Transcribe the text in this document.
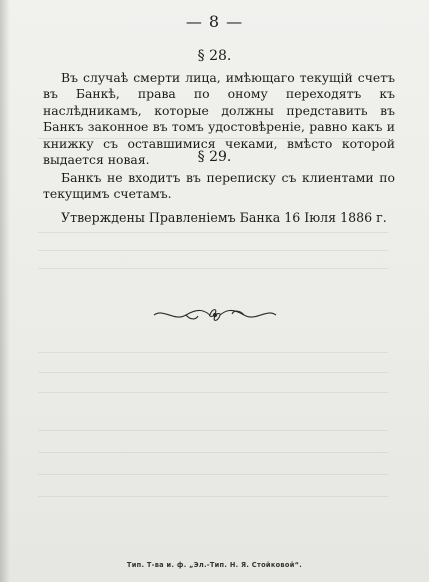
— 8 —
§ 28.
Въ случаѣ смерти лица, имѣющаго текущій счетъ въ Банкѣ, права по оному переходятъ къ наслѣдникамъ, которые должны представить въ Банкъ законное въ томъ удостовѣреніе, равно какъ и книжку съ оставшимися чеками, вмѣсто которой выдается новая.	§ 29.
Банкъ не входитъ въ переписку съ клиентами по текущимъ счетамъ.
Утверждены Правленіемъ Банка 16 Іюля 1886 г.
Тип. Т-ва и. ф. „Эл.-Тип. Н. Я. Стойковой“.
